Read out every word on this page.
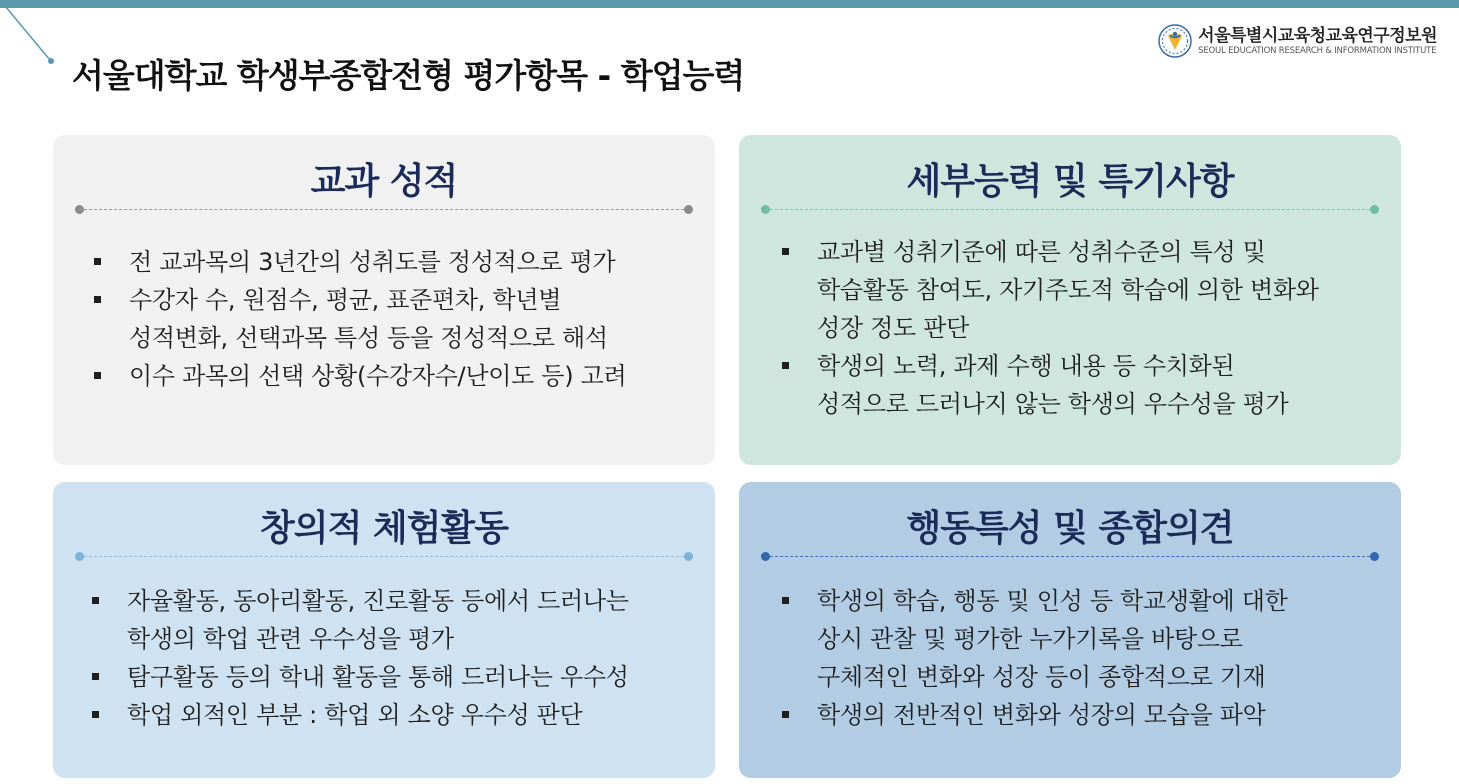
서울대학교 학생부종합전형 평가항목 - 학업능력
서울특별시교육청교육연구정보원
SEOUL EDUCATION RESEARCH & INFORMATION INSTITUTE
교과 성적
전 교과목의 3년간의 성취도를 정성적으로 평가
수강자 수, 원점수, 평균, 표준편차, 학년별
성적변화, 선택과목 특성 등을 정성적으로 해석
이수 과목의 선택 상황(수강자수/난이도 등) 고려
세부능력 및 특기사항
교과별 성취기준에 따른 성취수준의 특성 및
학습활동 참여도, 자기주도적 학습에 의한 변화와
성장 정도 판단
학생의 노력, 과제 수행 내용 등 수치화된
성적으로 드러나지 않는 학생의 우수성을 평가
창의적 체험활동
자율활동, 동아리활동, 진로활동 등에서 드러나는
학생의 학업 관련 우수성을 평가
탐구활동 등의 학내 활동을 통해 드러나는 우수성
학업 외적인 부분 : 학업 외 소양 우수성 판단
행동특성 및 종합의견
학생의 학습, 행동 및 인성 등 학교생활에 대한
상시 관찰 및 평가한 누가기록을 바탕으로
구체적인 변화와 성장 등이 종합적으로 기재
학생의 전반적인 변화와 성장의 모습을 파악
